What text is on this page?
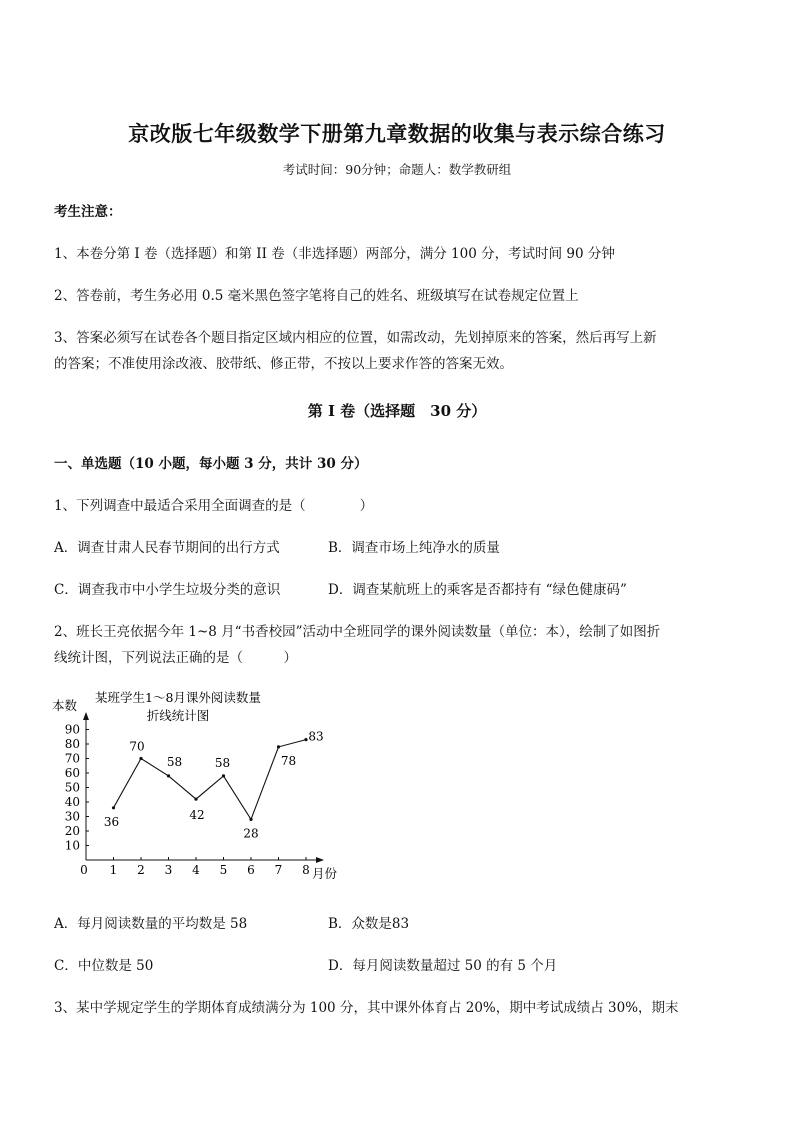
京改版七年级数学下册第九章数据的收集与表示综合练习
考试时间：90分钟；命题人：数学教研组
考生注意：
1、本卷分第 I 卷（选择题）和第 II 卷（非选择题）两部分，满分 100 分，考试时间 90 分钟
2、答卷前，考生务必用 0.5 毫米黑色签字笔将自己的姓名、班级填写在试卷规定位置上
3、答案必须写在试卷各个题目指定区域内相应的位置，如需改动，先划掉原来的答案，然后再写上新
的答案；不准使用涂改液、胶带纸、修正带，不按以上要求作答的答案无效。
第 I 卷（选择题　30 分）
一、单选题（10 小题，每小题 3 分，共计 30 分）
1、下列调查中最适合采用全面调查的是（　　　　）
A．调查甘肃人民春节期间的出行方式	B．调查市场上纯净水的质量
C．调查我市中小学生垃圾分类的意识	D．调查某航班上的乘客是否都持有 “绿色健康码”
2、班长王亮依据今年 1~8 月“书香校园”活动中全班同学的课外阅读数量（单位：本），绘制了如图折
线统计图，下列说法正确的是（　　　）
某班学生1～8月课外阅读数量
折线统计图
本数
月份
10
20
30
40
50
60
70
80
90
0 1 2 3 4 5 6 7 8
36
70
58
42
58
28
78
83
A．每月阅读数量的平均数是 58	B．众数是83
C．中位数是 50	D．每月阅读数量超过 50 的有 5 个月
3、某中学规定学生的学期体育成绩满分为 100 分，其中课外体育占 20%，期中考试成绩占 30%，期末
